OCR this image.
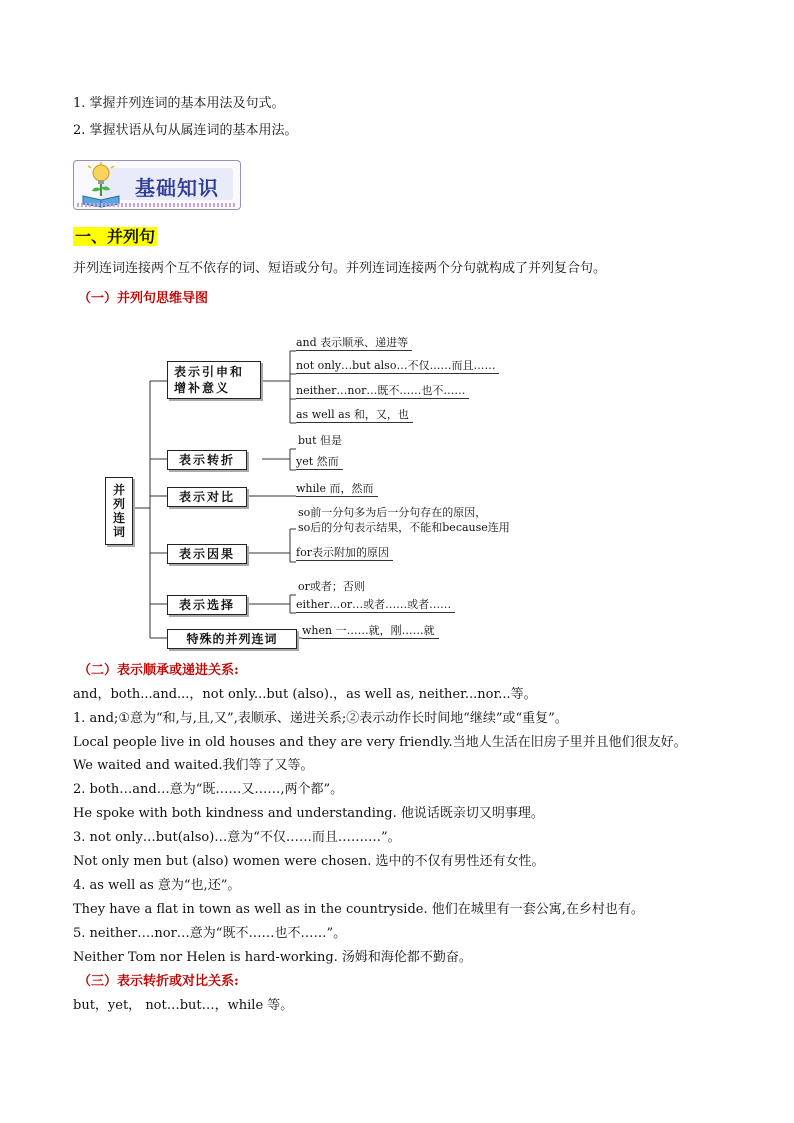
1. 掌握并列连词的基本用法及句式。
2. 掌握状语从句从属连词的基本用法。
基础知识
一、并列句
并列连词连接两个互不依存的词、短语或分句。并列连词连接两个分句就构成了并列复合句。
（一）并列句思维导图
并
列
连
词
表示引申和
增补意义
表示转折
表示对比
表示因果
表示选择
特殊的并列连词
and 表示顺承、递进等
not only…but also…不仅……而且……
neither…nor…既不……也不……
as well as 和，又，也
but 但是
yet 然而
while 而，然而
so前一分句多为后一分句存在的原因，
so后的分句表示结果，不能和because连用
for表示附加的原因
or或者；否则
either…or…或者……或者……
when 一……就，刚……就
（二）表示顺承或递进关系:
and，both...and...，not only...but (also).，as well as, neither...nor...等。
1. and;①意为“和,与,且,又”,表顺承、递进关系;②表示动作长时间地“继续”或“重复”。
Local people live in old houses and they are very friendly.当地人生活在旧房子里并且他们很友好。
We waited and waited.我们等了又等。
2. both…and…意为“既……又……,两个都”。
He spoke with both kindness and understanding. 他说话既亲切又明事理。
3. not only…but(also)…意为“不仅……而且…….…”。
Not only men but (also) women were chosen. 选中的不仅有男性还有女性。
4. as well as 意为“也,还”。
They have a flat in town as well as in the countryside. 他们在城里有一套公寓,在乡村也有。
5. neither….nor…意为“既不……也不……”。
Neither Tom nor Helen is hard-working. 汤姆和海伦都不勤奋。
（三）表示转折或对比关系:
but，yet， not…but…，while 等。
